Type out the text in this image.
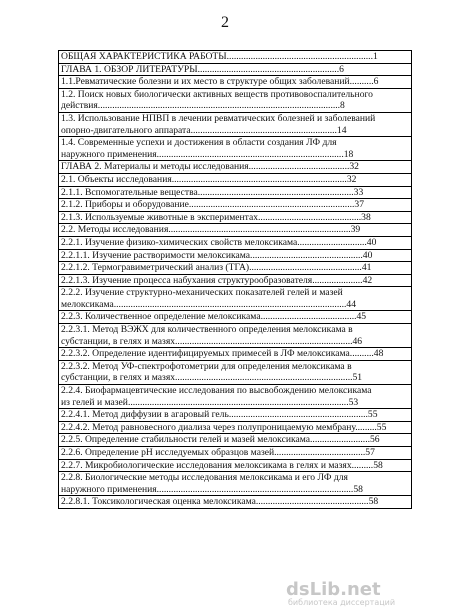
2
ОБЩАЯ ХАРАКТЕРИСТИКА РАБОТЫ.............................................................1
ГЛАВА 1. ОБЗОР ЛИТЕРАТУРЫ...........................................................6
1.1.Ревматические болезни и их место в структуре общих заболеваний..........6
1.2. Поиск новых биологически активных веществ противовоспалительного
действия.....................................................................................................8
1.3. Использование НПВП в лечении ревматических болезней и заболеваний
опорно-двигательного аппарата.............................................................14
1.4. Современные успехи и достижения в области создания ЛФ для
наружного применения..............................................................................18
ГЛАВА 2. Материалы и методы исследования..........................................32
2.1. Объекты исследования.........................................................................32
2.1.1. Вспомогательные вещества.................................................................33
2.1.2. Приборы и оборудование.....................................................................37
2.1.3. Используемые животные в экспериментах...........................................38
2.2. Методы исследования............................................................................39
2.2.1. Изучение физико-химических свойств мелоксикама.............................40
2.2.1.1. Изучение растворимости мелоксикама...............................................40
2.2.1.2. Термогравиметрический анализ (ТГА)...............................................41
2.2.1.3. Изучение процесса набухания структурообразователя.....................42
2.2.2. Изучение структурно-механических показателей гелей и мазей
мелоксикама.................................................................................................44
2.2.3. Количественное определение мелоксикама........................................45
2.2.3.1. Метод ВЭЖХ для количественного определения мелоксикама в
субстанции, в гелях и мазях..........................................................................46
2.2.3.2. Определение идентифицируемых примесей в ЛФ мелоксикама..........48
2.2.3.2. Метод УФ-спектрофотометрии для определения мелоксикама в
субстанции, в гелях и мазях..........................................................................51
2.2.4. Биофармацевтические исследования по высвобождению мелоксикама
из гелей и мазей............................................................................................53
2.2.4.1. Метод диффузии в агаровый гель..........................................................55
2.2.4.2. Метод равновесного диализа через полупроницаемую мембрану.........55
2.2.5. Определение стабильности гелей и мазей мелоксикама.........................56
2.2.6. Определение рН исследуемых образцов мазей......................................57
2.2.7. Микробиологические исследования мелоксикама в гелях и мазях.........58
2.2.8. Биологические методы исследования мелоксикама и его ЛФ для
наружного применения..................................................................................58
2.2.8.1. Токсикологическая оценка мелоксикама...............................................58
dsLib.net
библиотека диссертаций
